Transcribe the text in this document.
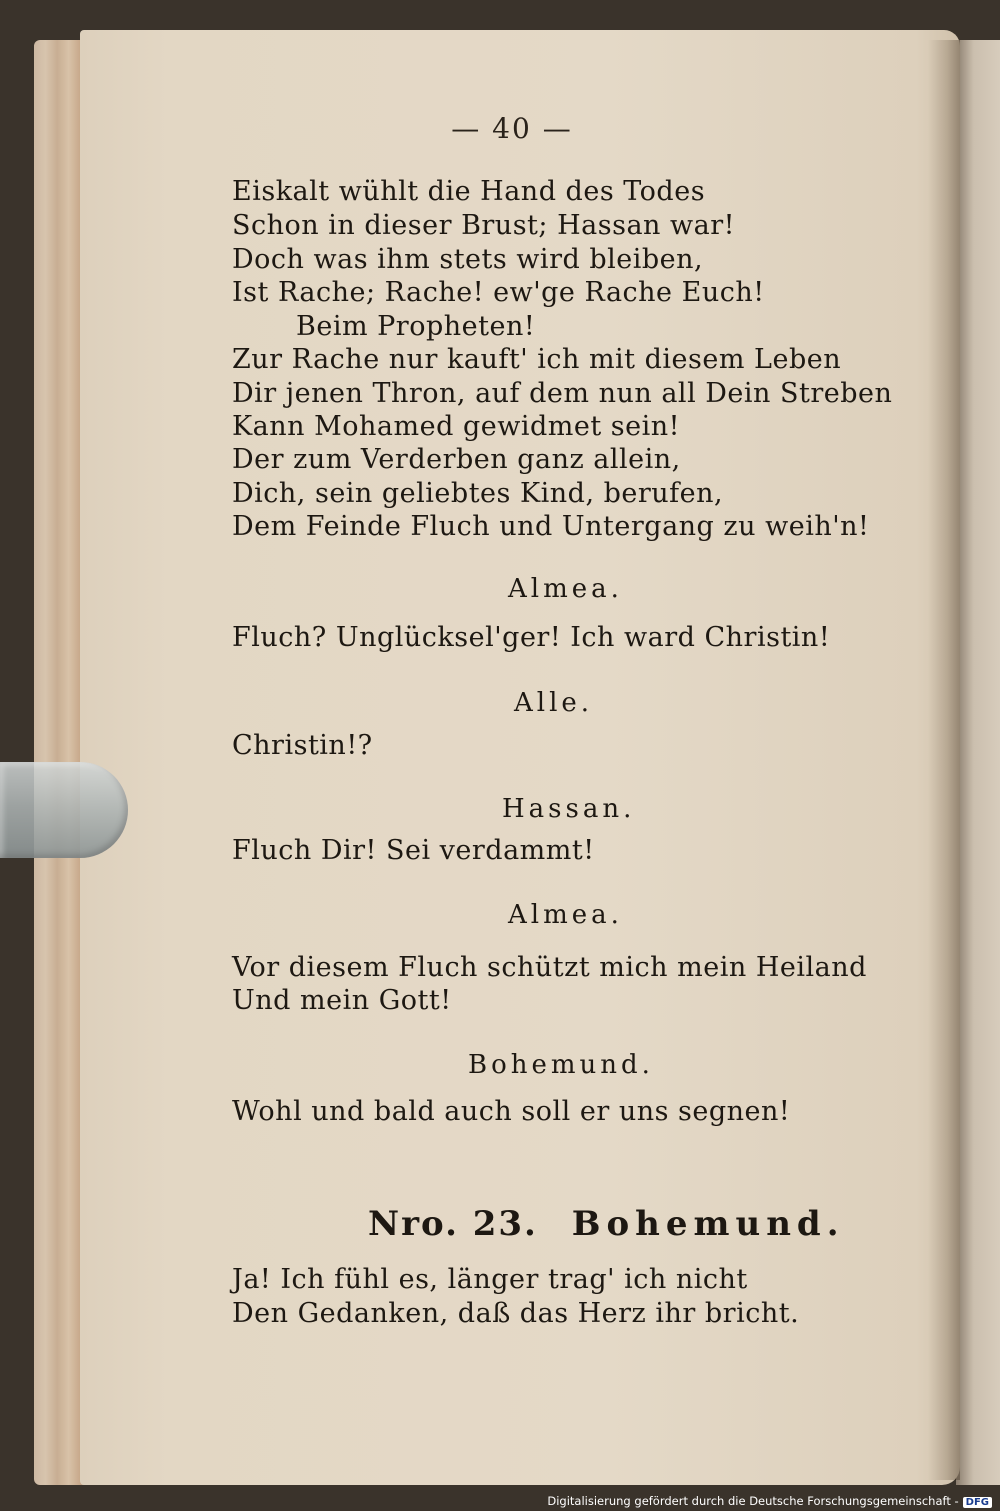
— 40 —
Eiskalt wühlt die Hand des Todes
Schon in dieser Brust; Hassan war!
Doch was ihm stets wird bleiben,
Ist Rache; Rache! ew'ge Rache Euch!
Beim Propheten!
Zur Rache nur kauft' ich mit diesem Leben
Dir jenen Thron, auf dem nun all Dein Streben
Kann Mohamed gewidmet sein!
Der zum Verderben ganz allein,
Dich, sein geliebtes Kind, berufen,
Dem Feinde Fluch und Untergang zu weih'n!
Almea.
Fluch? Unglücksel'ger! Ich ward Christin!
Alle.
Christin!?
Hassan.
Fluch Dir! Sei verdammt!
Almea.
Vor diesem Fluch schützt mich mein Heiland
Und mein Gott!
Bohemund.
Wohl und bald auch soll er uns segnen!
Nro. 23. Bohemund.
Ja! Ich fühl es, länger trag' ich nicht
Den Gedanken, daß das Herz ihr bricht.
Digitalisierung gefördert durch die Deutsche Forschungsgemeinschaft - DFG
